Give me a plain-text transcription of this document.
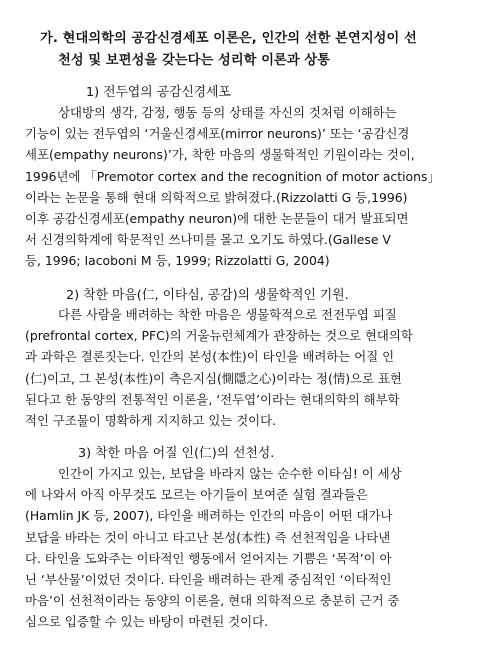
가. 현대의학의 공감신경세포 이론은, 인간의 선한 본연지성이 선
천성 및 보편성을 갖는다는 성리학 이론과 상통
1) 전두엽의 공감신경세포
상대방의 생각, 감정, 행동 등의 상태를 자신의 것처럼 이해하는
기능이 있는 전두엽의 ‘거울신경세포(mirror neurons)’ 또는 ‘공감신경
세포(empathy neurons)’가, 착한 마음의 생물학적인 기원이라는 것이,
1996년에 「Premotor cortex and the recognition of motor actions」
이라는 논문을 통해 현대 의학적으로 밝혀졌다.(Rizzolatti G 등,1996)
이후 공감신경세포(empathy neuron)에 대한 논문들이 대거 발표되면
서 신경의학계에 학문적인 쓰나미를 몰고 오기도 하였다.(Gallese V
등, 1996; Iacoboni M 등, 1999; Rizzolatti G, 2004)
2) 착한 마음(仁, 이타심, 공감)의 생물학적인 기원.
다른 사람을 배려하는 착한 마음은 생물학적으로 전전두엽 피질
(prefrontal cortex, PFC)의 거울뉴런체계가 관장하는 것으로 현대의학
과 과학은 결론짓는다. 인간의 본성(本性)이 타인을 배려하는 어질 인
(仁)이고, 그 본성(本性)이 측은지심(惻隱之心)이라는 정(情)으로 표현
된다고 한 동양의 전통적인 이론을, ‘전두엽’이라는 현대의학의 해부학
적인 구조물이 명확하게 지지하고 있는 것이다.
3) 착한 마음 어질 인(仁)의 선천성.
인간이 가지고 있는, 보답을 바라지 않는 순수한 이타심! 이 세상
에 나와서 아직 아무것도 모르는 아기들이 보여준 실험 결과들은
(Hamlin JK 등, 2007), 타인을 배려하는 인간의 마음이 어떤 대가나
보답을 바라는 것이 아니고 타고난 본성(本性) 즉 선천적임을 나타낸
다. 타인을 도와주는 이타적인 행동에서 얻어지는 기쁨은 ‘목적’이 아
닌 ‘부산물’이었던 것이다. 타인을 배려하는 관계 중심적인 ‘이타적인
마음’이 선천적이라는 동양의 이론을, 현대 의학적으로 충분히 근거 중
심으로 입증할 수 있는 바탕이 마련된 것이다.
